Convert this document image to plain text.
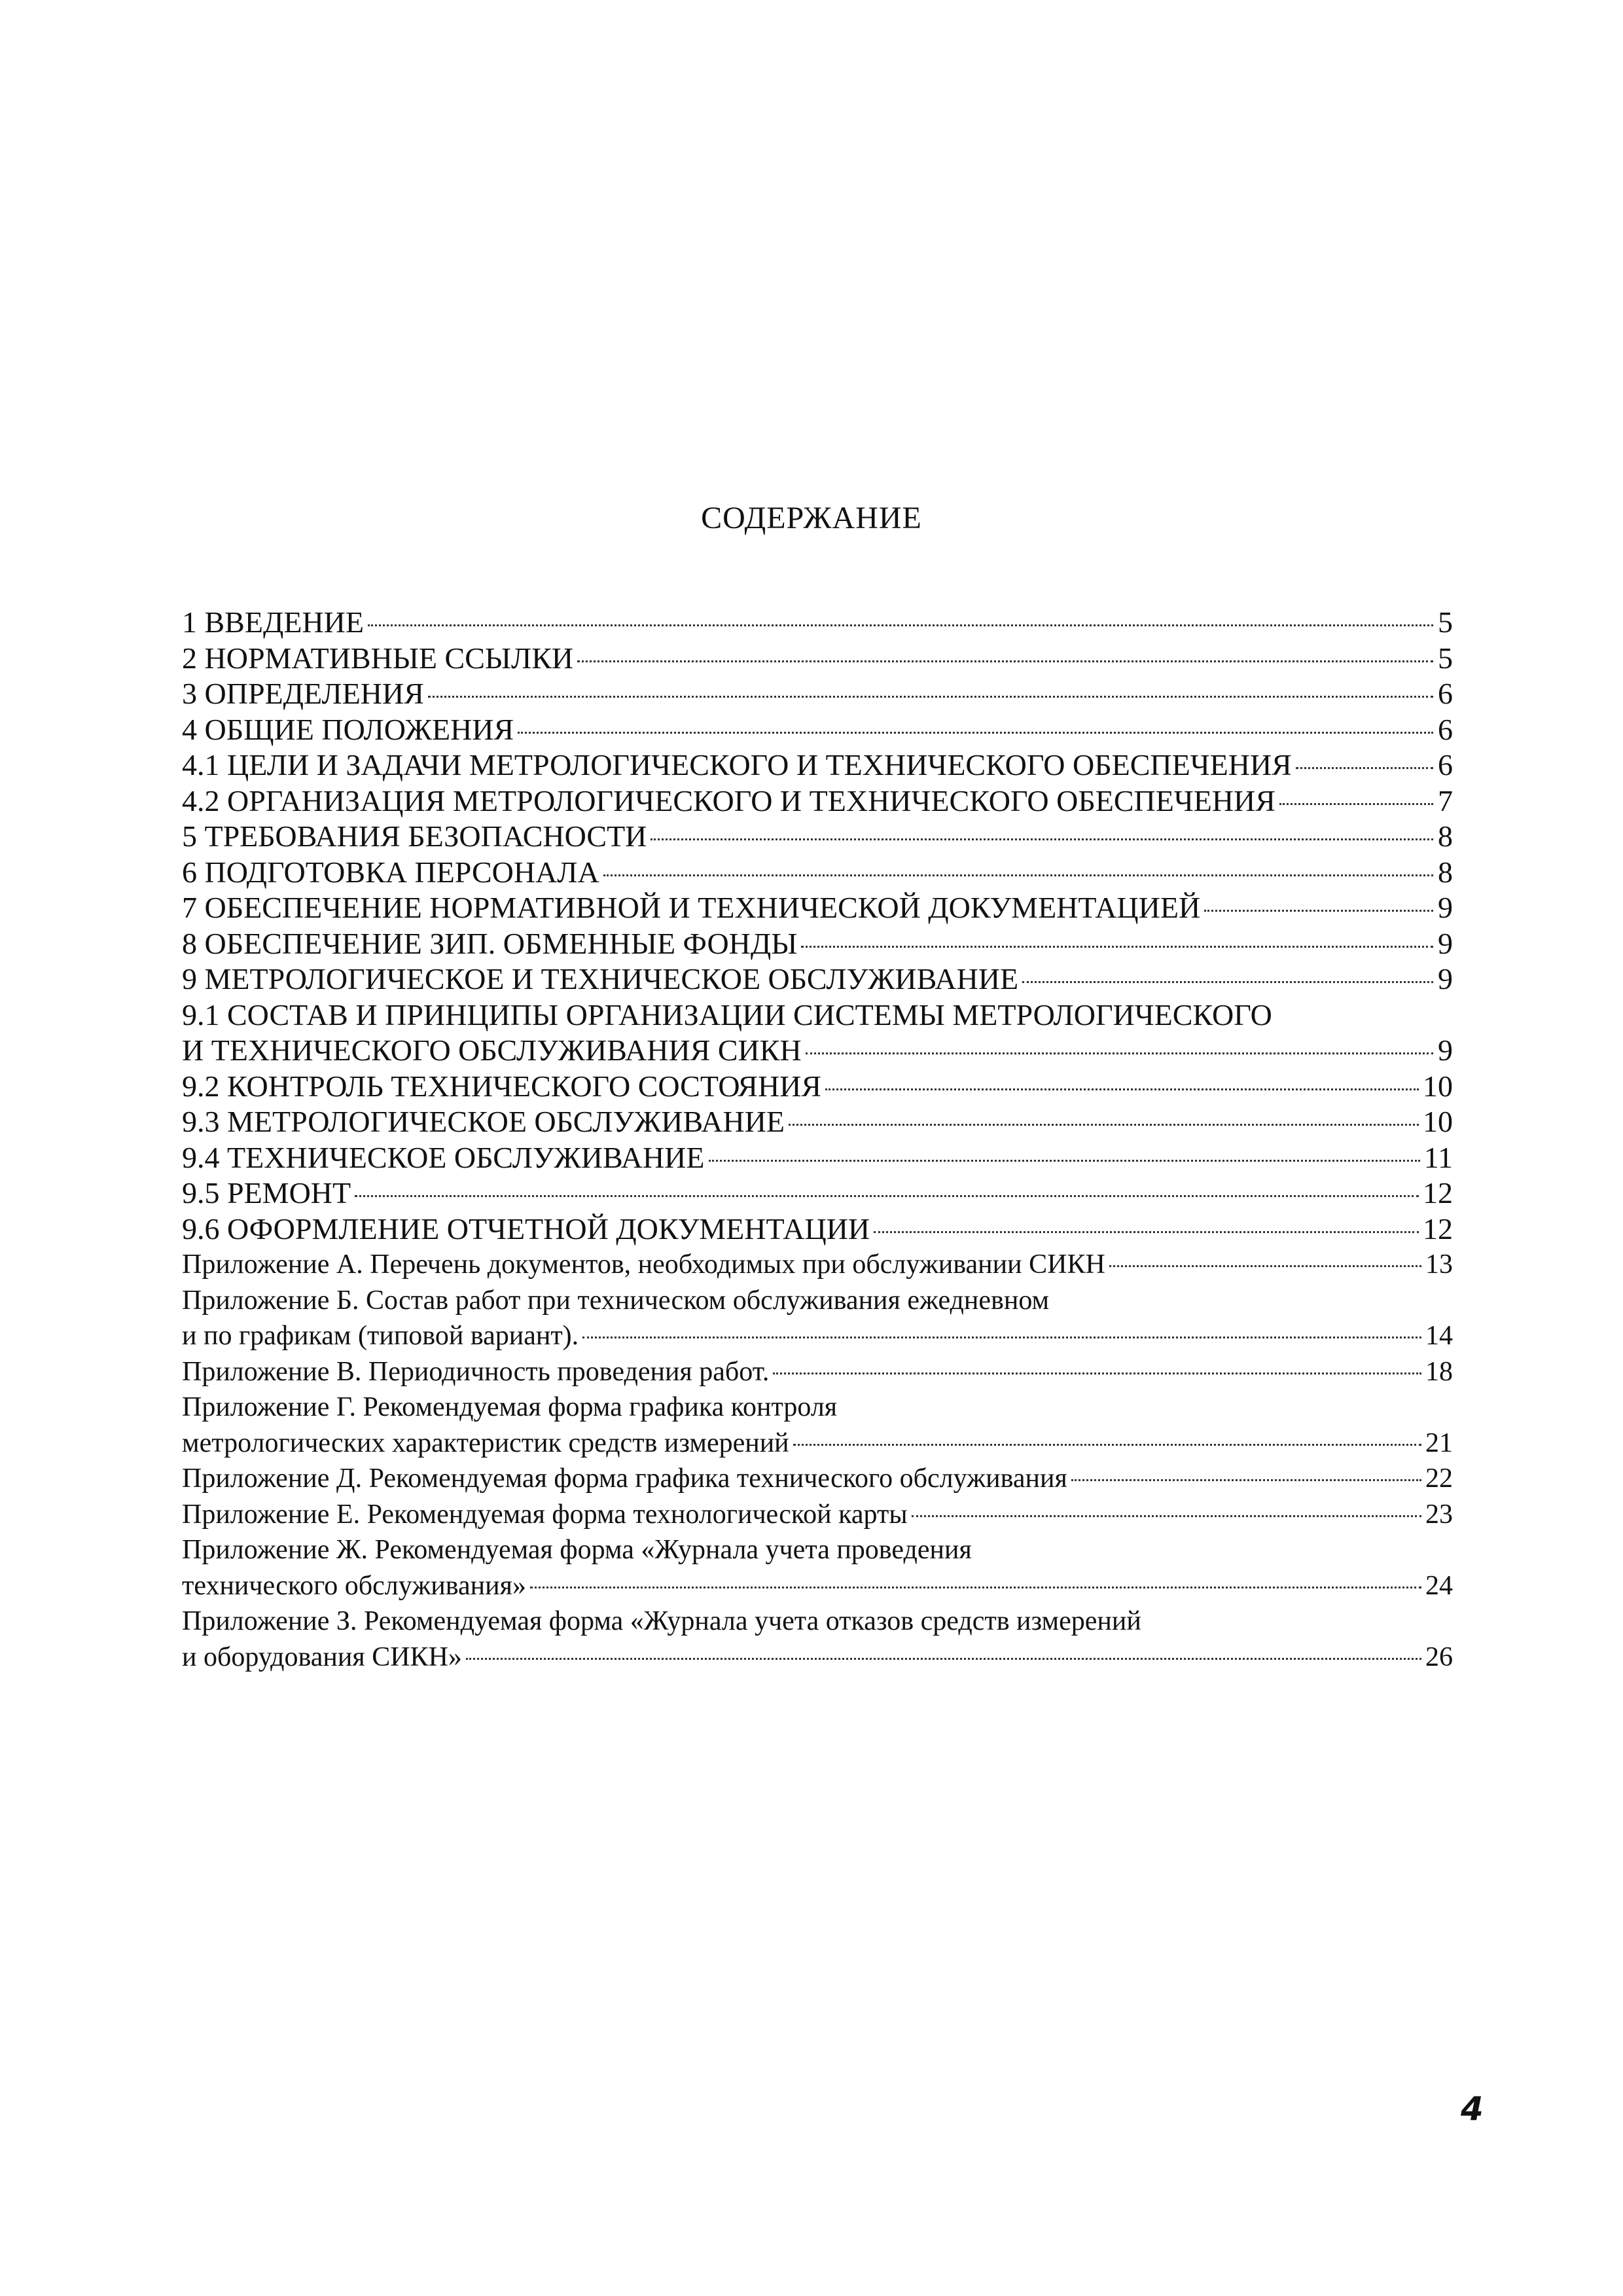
СОДЕРЖАНИЕ
1 ВВЕДЕНИЕ	5
2 НОРМАТИВНЫЕ ССЫЛКИ	5
3 ОПРЕДЕЛЕНИЯ	6
4 ОБЩИЕ ПОЛОЖЕНИЯ	6
4.1 ЦЕЛИ И ЗАДАЧИ МЕТРОЛОГИЧЕСКОГО И ТЕХНИЧЕСКОГО ОБЕСПЕЧЕНИЯ	6
4.2 ОРГАНИЗАЦИЯ МЕТРОЛОГИЧЕСКОГО И ТЕХНИЧЕСКОГО ОБЕСПЕЧЕНИЯ	7
5 ТРЕБОВАНИЯ БЕЗОПАСНОСТИ	8
6 ПОДГОТОВКА ПЕРСОНАЛА	8
7 ОБЕСПЕЧЕНИЕ НОРМАТИВНОЙ И ТЕХНИЧЕСКОЙ ДОКУМЕНТАЦИЕЙ	9
8 ОБЕСПЕЧЕНИЕ ЗИП. ОБМЕННЫЕ ФОНДЫ	9
9 МЕТРОЛОГИЧЕСКОЕ И ТЕХНИЧЕСКОЕ ОБСЛУЖИВАНИЕ	9
9.1 СОСТАВ И ПРИНЦИПЫ ОРГАНИЗАЦИИ СИСТЕМЫ МЕТРОЛОГИЧЕСКОГО
И ТЕХНИЧЕСКОГО ОБСЛУЖИВАНИЯ СИКН	9
9.2 КОНТРОЛЬ ТЕХНИЧЕСКОГО СОСТОЯНИЯ	10
9.3 МЕТРОЛОГИЧЕСКОЕ ОБСЛУЖИВАНИЕ	10
9.4 ТЕХНИЧЕСКОЕ ОБСЛУЖИВАНИЕ	11
9.5 РЕМОНТ	12
9.6 ОФОРМЛЕНИЕ ОТЧЕТНОЙ ДОКУМЕНТАЦИИ	12
Приложение А. Перечень документов, необходимых при обслуживании СИКН	13
Приложение Б. Состав работ при техническом обслуживания ежедневном
и по графикам (типовой вариант).	14
Приложение В. Периодичность проведения работ.	18
Приложение Г. Рекомендуемая форма графика контроля
метрологических характеристик средств измерений	21
Приложение Д. Рекомендуемая форма графика технического обслуживания	22
Приложение Е. Рекомендуемая форма технологической карты	23
Приложение Ж. Рекомендуемая форма «Журнала учета проведения
технического обслуживания»	24
Приложение З. Рекомендуемая форма «Журнала учета отказов средств измерений
и оборудования СИКН»	26
4
